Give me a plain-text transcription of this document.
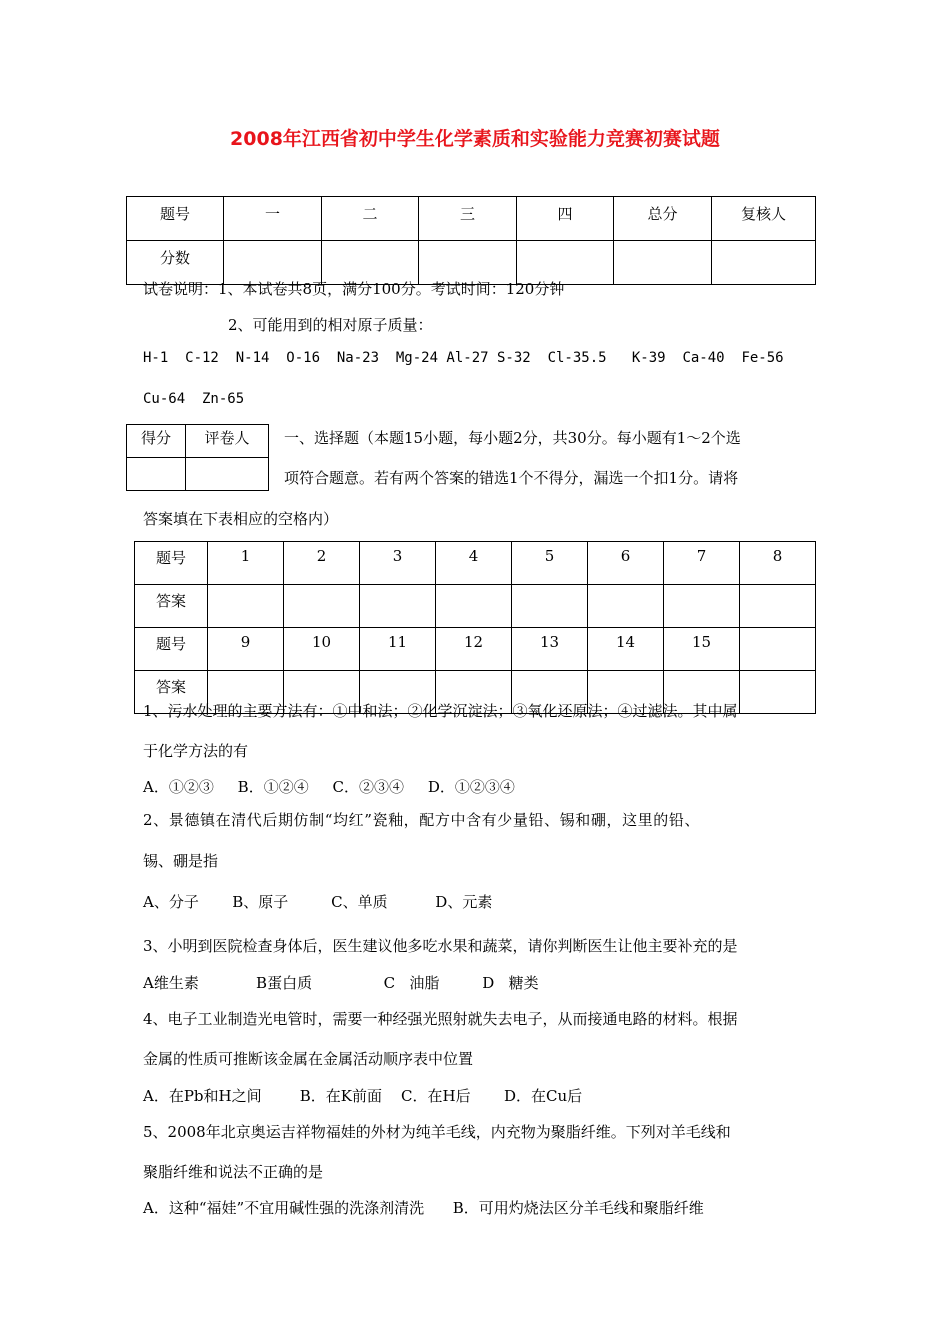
2008年江西省初中学生化学素质和实验能力竞赛初赛试题
题号	一	二	三	四	总分	复核人
分数						
试卷说明：1、本试卷共8页，满分100分。考试时间：120分钟
2、可能用到的相对原子质量：
H-1  C-12  N-14  O-16  Na-23  Mg-24 Al-27 S-32  Cl-35.5   K-39  Ca-40  Fe-56
Cu-64  Zn-65
得分	评卷人
	一、选择题（本题15小题，每小题2分，共30分。每小题有1～2个选
项符合题意。若有两个答案的错选1个不得分，漏选一个扣1分。请将
答案填在下表相应的空格内）
题号	1	2	3	4	5	6	7	8
答案								
题号	9	10	11	12	13	14	15	
答案								
1、污水处理的主要方法有：①中和法；②化学沉淀法；③氧化还原法；④过滤法。其中属
于化学方法的有
A．①②③     B．①②④     C．②③④     D．①②③④
2、景德镇在清代后期仿制“均红”瓷釉，配方中含有少量铅、锡和硼，这里的铅、
锡、硼是指
A、分子       B、原子         C、单质          D、元素
3、小明到医院检查身体后，医生建议他多吃水果和蔬菜，请你判断医生让他主要补充的是
A维生素            B蛋白质               C   油脂         D   糖类
4、电子工业制造光电管时，需要一种经强光照射就失去电子，从而接通电路的材料。根据
金属的性质可推断该金属在金属活动顺序表中位置
A．在Pb和H之间        B．在K前面    C．在H后       D．在Cu后
5、2008年北京奥运吉祥物福娃的外材为纯羊毛线，内充物为聚脂纤维。下列对羊毛线和
聚脂纤维和说法不正确的是
A．这种“福娃”不宜用碱性强的洗涤剂清洗      B．可用灼烧法区分羊毛线和聚脂纤维
